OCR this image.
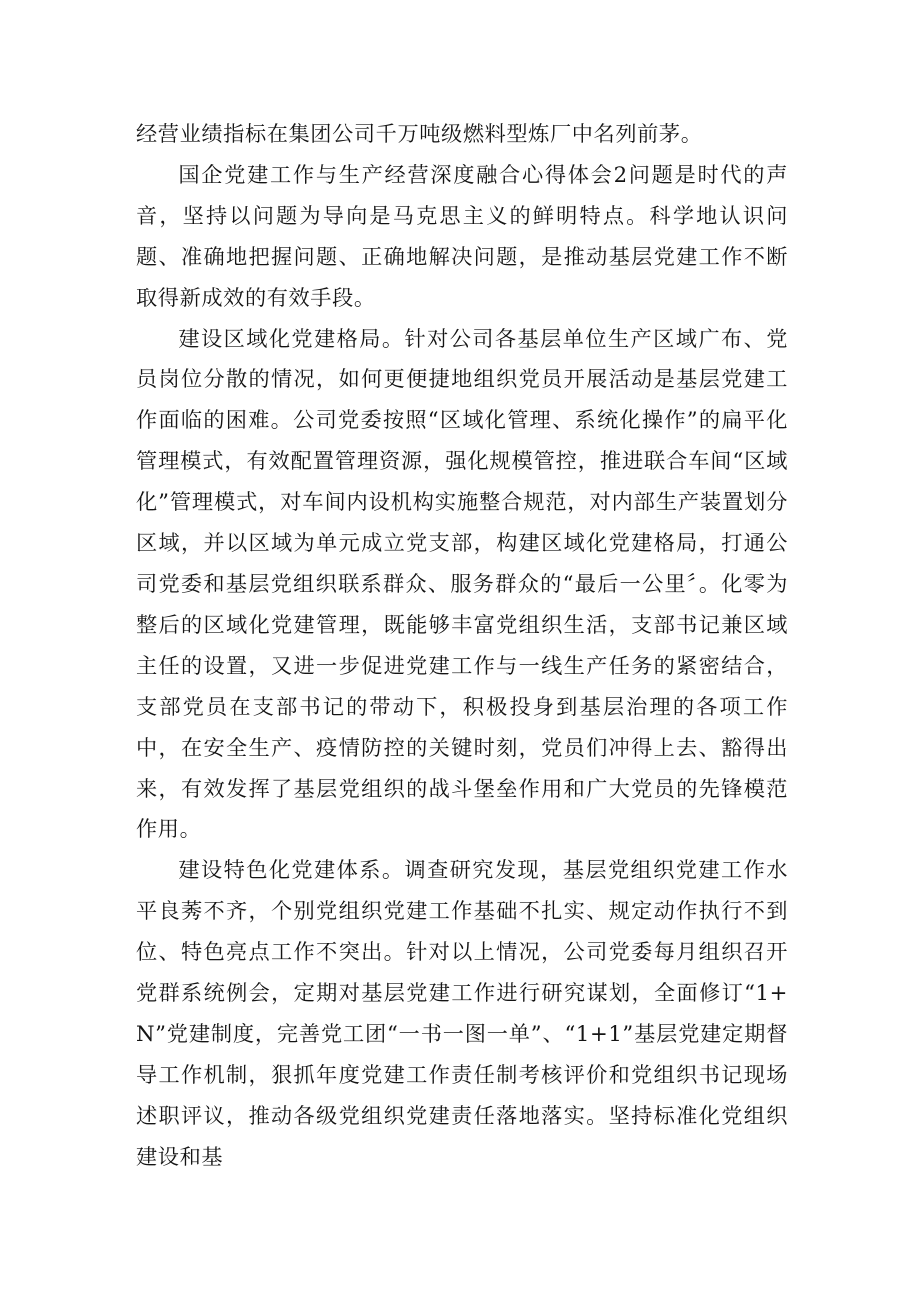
经营业绩指标在集团公司千万吨级燃料型炼厂中名列前茅。

国企党建工作与生产经营深度融合心得体会2问题是时代的声音，坚持以问题为导向是马克思主义的鲜明特点。科学地认识问题、准确地把握问题、正确地解决问题，是推动基层党建工作不断取得新成效的有效手段。

建设区域化党建格局。针对公司各基层单位生产区域广布、党员岗位分散的情况，如何更便捷地组织党员开展活动是基层党建工作面临的困难。公司党委按照“区域化管理、系统化操作”的扁平化管理模式，有效配置管理资源，强化规模管控，推进联合车间“区域化”管理模式，对车间内设机构实施整合规范，对内部生产装置划分区域，并以区域为单元成立党支部，构建区域化党建格局，打通公司党委和基层党组织联系群众、服务群众的“最后一公里〞。化零为整后的区域化党建管理，既能够丰富党组织生活，支部书记兼区域主任的设置，又进一步促进党建工作与一线生产任务的紧密结合，支部党员在支部书记的带动下，积极投身到基层治理的各项工作中，在安全生产、疫情防控的关键时刻，党员们冲得上去、豁得出来，有效发挥了基层党组织的战斗堡垒作用和广大党员的先锋模范作用。

建设特色化党建体系。调查研究发现，基层党组织党建工作水平良莠不齐，个别党组织党建工作基础不扎实、规定动作执行不到位、特色亮点工作不突出。针对以上情况，公司党委每月组织召开党群系统例会，定期对基层党建工作进行研究谋划，全面修订“1+N”党建制度，完善党工团“一书一图一单”、“1+1”基层党建定期督导工作机制，狠抓年度党建工作责任制考核评价和党组织书记现场述职评议，推动各级党组织党建责任落地落实。坚持标准化党组织建设和基
